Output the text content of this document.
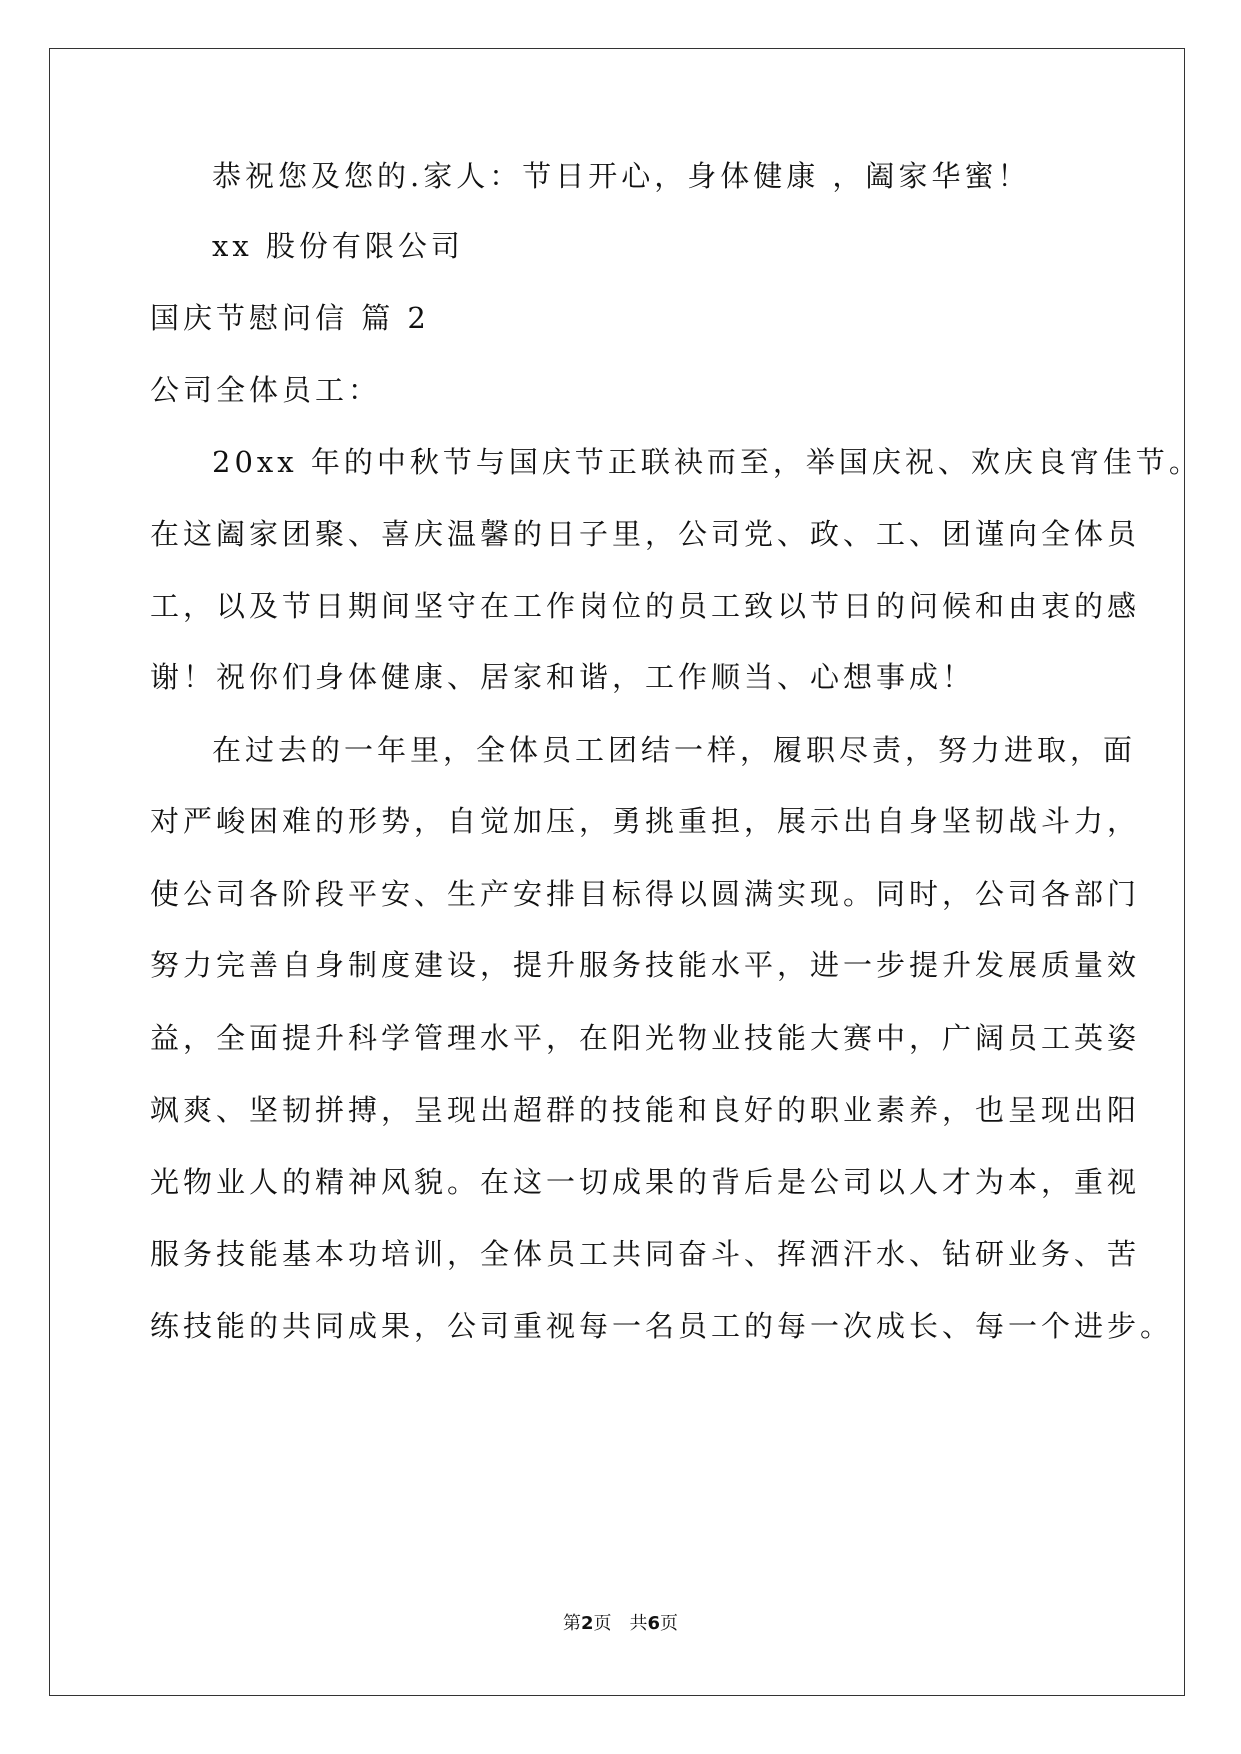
恭祝您及您的.家人：节日开心，身体健康 ，阖家华蜜！
xx 股份有限公司
国庆节慰问信 篇 2
公司全体员工：
20xx 年的中秋节与国庆节正联袂而至，举国庆祝、欢庆良宵佳节。
在这阖家团聚、喜庆温馨的日子里，公司党、政、工、团谨向全体员
工，以及节日期间坚守在工作岗位的员工致以节日的问候和由衷的感
谢！祝你们身体健康、居家和谐，工作顺当、心想事成！
在过去的一年里，全体员工团结一样，履职尽责，努力进取，面
对严峻困难的形势，自觉加压，勇挑重担，展示出自身坚韧战斗力，
使公司各阶段平安、生产安排目标得以圆满实现。同时，公司各部门
努力完善自身制度建设，提升服务技能水平，进一步提升发展质量效
益，全面提升科学管理水平，在阳光物业技能大赛中，广阔员工英姿
飒爽、坚韧拼搏，呈现出超群的技能和良好的职业素养，也呈现出阳
光物业人的精神风貌。在这一切成果的背后是公司以人才为本，重视
服务技能基本功培训，全体员工共同奋斗、挥洒汗水、钻研业务、苦
练技能的共同成果，公司重视每一名员工的每一次成长、每一个进步。
第2页 共6页
